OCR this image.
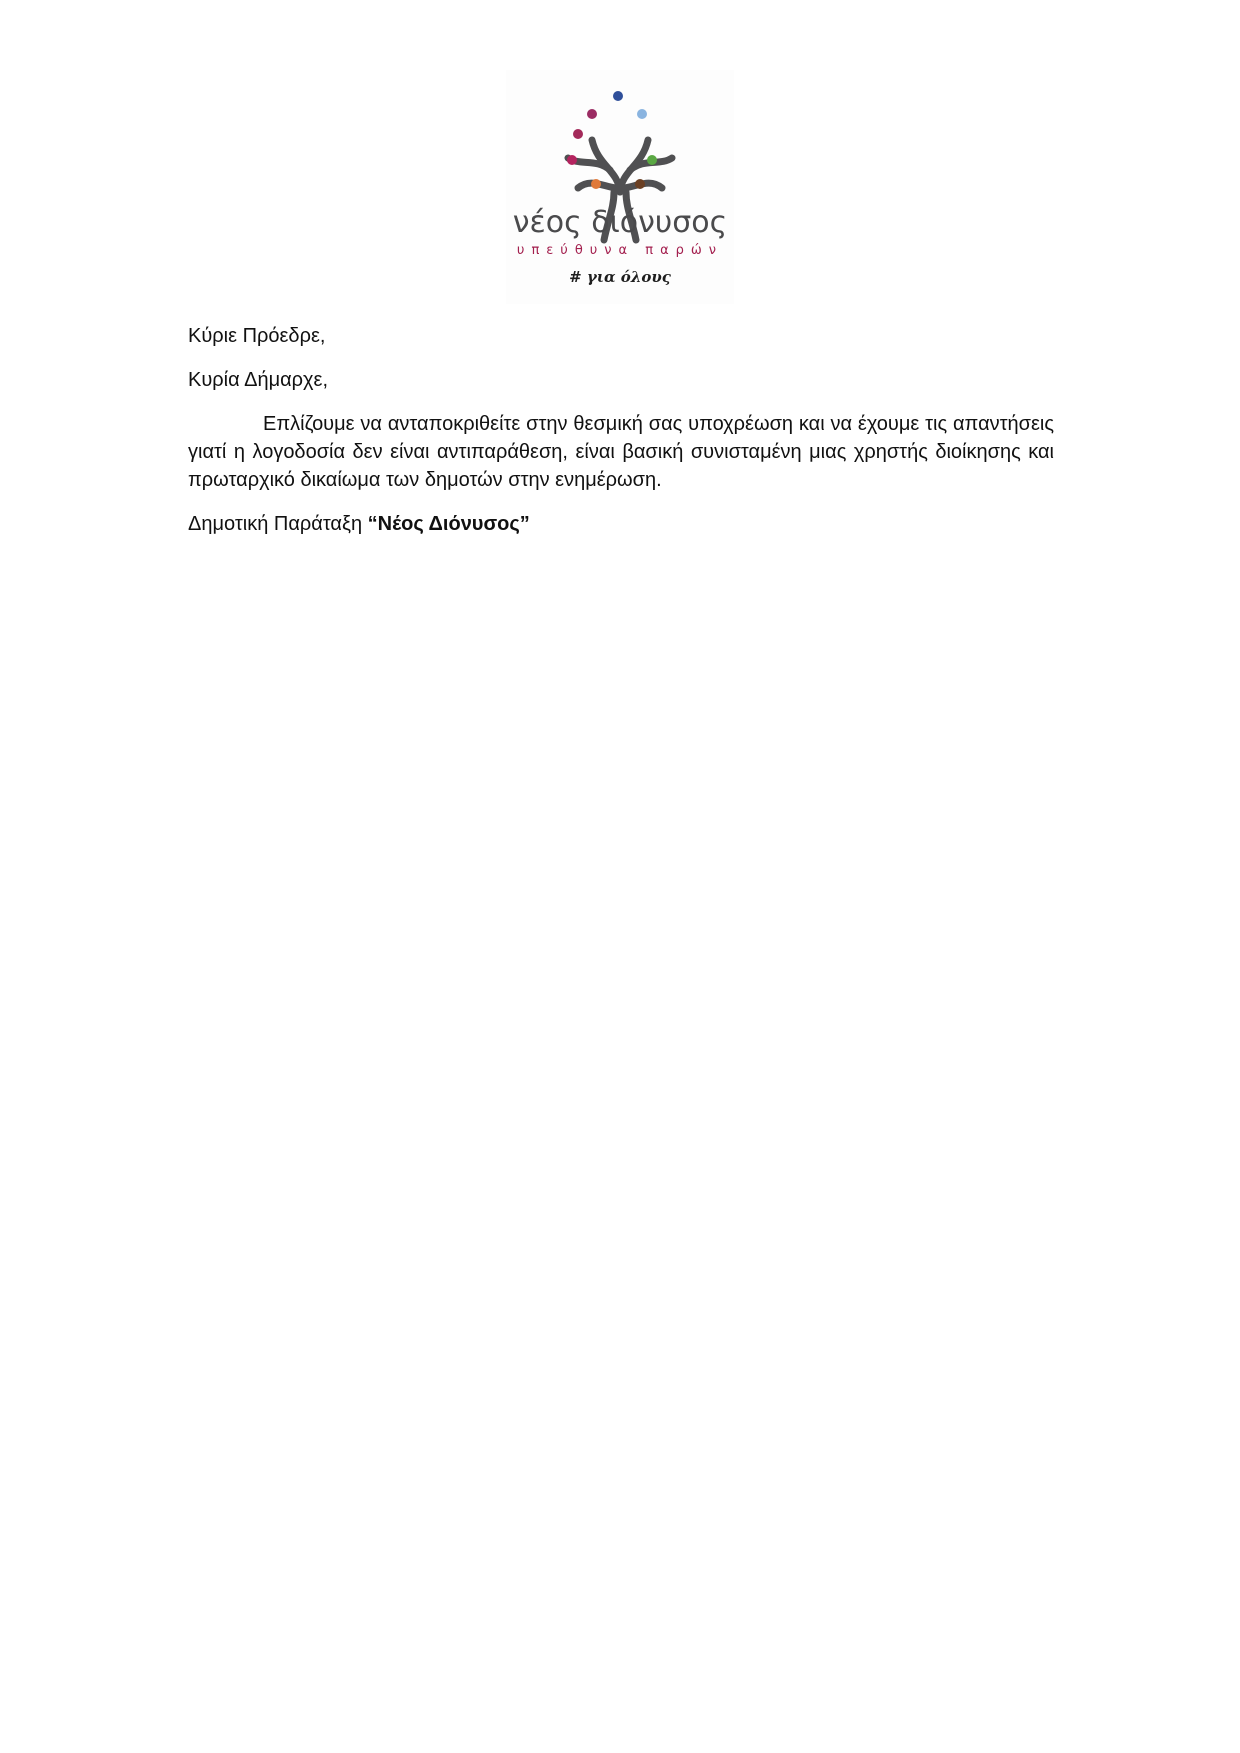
νέος διόνυσος
υπεύθυνα παρών
# για όλους

Κύριε Πρόεδρε,

Κυρία Δήμαρχε,

Επλίζουμε να ανταποκριθείτε στην θεσμική σας υποχρέωση και να έχουμε τις απαντήσεις γιατί η λογοδοσία δεν είναι αντιπαράθεση, είναι βασική συνισταμένη μιας χρηστής διοίκησης και πρωταρχικό δικαίωμα των δημοτών στην ενημέρωση.

Δημοτική Παράταξη “Νέος Διόνυσος”
